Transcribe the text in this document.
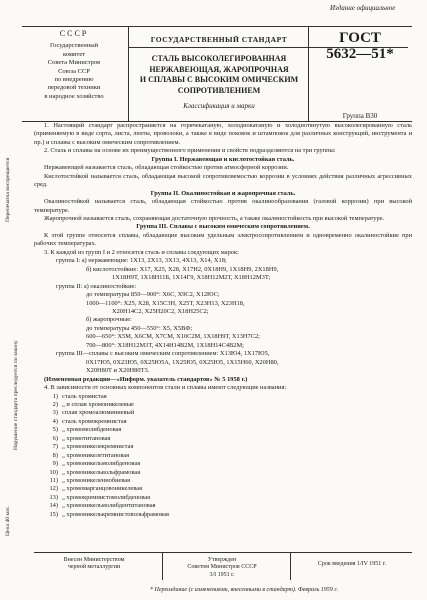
Издание официальное
СССР
Государственный
комитет
Совета Министров
Союза ССР
по внедрению
передовой техники
в народное хозяйство
ГОСУДАРСТВЕННЫЙ СТАНДАРТ
СТАЛЬ ВЫСОКОЛЕГИРОВАННАЯ
НЕРЖАВЕЮЩАЯ, ЖАРОПРОЧНАЯ
И СПЛАВЫ С ВЫСОКИМ ОМИЧЕСКИМ
СОПРОТИВЛЕНИЕМ
Классификация и марки
ГОСТ
5632—51*
Группа В30
Перепечатка воспрещается
Нарушение стандарта преследуется по закону
Цена 40 коп.

1. Настоящий стандарт распространяется на горячекатаную, холоднокатаную и холоднотянутую высоколегированную сталь (применяемую в виде сорта, листа, ленты, проволоки, а также в виде поковок и штамповок для различных конструкций, инструмента и пр.) и сплавы с высоким омическим сопротивлением.

2. Сталь и сплавы на основе их преимущественного применения и свойств подразделяются на три группы:

Группа I. Нержавеющая и кислотостойкая сталь.

Нержавеющей называется сталь, обладающая стойкостью против атмосферной коррозии.

Кислотостойкой называется сталь, обладающая высокой сопротивляемостью коррозии в условиях действия различных агрессивных сред.

Группа II. Окалиностойкая и жаропрочная сталь.

Окалиностойкой называется сталь, обладающая стойкостью против окалинообразования (газовой коррозии) при высокой температуре.

Жаропрочной называется сталь, сохраняющая достаточную прочность, а также окалиностойкость при высокой температуре.

Группа III. Сплавы с высоким омическим сопротивлением.

К этой группе относятся сплавы, обладающие высоким удельным электросопротивлением и одновременно окалиностойкие при рабочих температурах.

3. К каждой из групп I и 2 относятся сталь и сплавы следующих марок:

группа I: а) нержавеющие: 1Х13, 2Х13, 3Х13, 4Х13, Х14, Х18;

б) кислотостойкие: Х17, Х25, Х28, Х17Н2, 0Х18Н9, 1Х18Н9, 2Х18Н9,

1Х18Н9Т, 1Х18Н11Б, 1Х14Г9, Х18Н12М2Т, Х18Н12М3Т;

группа II: а) окалиностойкие:

до температуры 850—900°: Х6С, Х9С2, Х12ЮС;

1000—1100°: Х25, Х28, Х15С3Н, Х25Т, Х23Н13, Х23Н18,

Х20Н14С2, Х25Н20С2, Х18Н25С2;

б) жаропрочные:

до температуры 450—550°: Х5, Х5ВФ;

600—650°: Х5М, Х6СМ, Х7СМ, Х10С2М, 1Х18Н9Т, Х13Н7С2;

700—800°: Х18Н12М3Т, 4Х14Н14В2М, 1Х18Н14С4В2М;

группа III—сплавы с высоким омическим сопротивлением: Х13Ю4, 1Х17Ю5,

0Х17Ю5, 0Х23Ю5, 0Х25Ю5А, 1Х25Ю5, 0Х25Ю5, 1Х15Н60, Х20Н80,

Х20Н80Т и Х20Н80Т3.

(Измененная редакция—«Информ. указатель стандартов» № 5 1958 г.)

4. В зависимости от основных компонентов стали и сплавы имеют следующие названия:

1) сталь хромистая
2) „ и сплав хромоникелевые
3) сплав хромоалюминиевый
4) сталь хромокремнистая
5) „ хромомолибденовая
6) „ хромотитановая
7) „ хромоникелекремнистая
8) „ хромоникелетитановая
9) „ хромоникельмолибденовая
10) „ хромоникельвольфрамовая
11) „ хромоникелениобиевая
12) „ хромомарганцовоникелевая
13) „ хромокремнистомолибденовая
14) „ хромоникельмолибдентитановая
15) „ хромоникелькремнистовольфрамовая
Внесен Министерством
черной металлургии
Утвержден
Советом Министров СССР
3/I 1951 г.
Срок введения 1/IV 1951 г.
* Переиздание (с изменениями, внесенными в стандарт). Февраль 1959 г.
